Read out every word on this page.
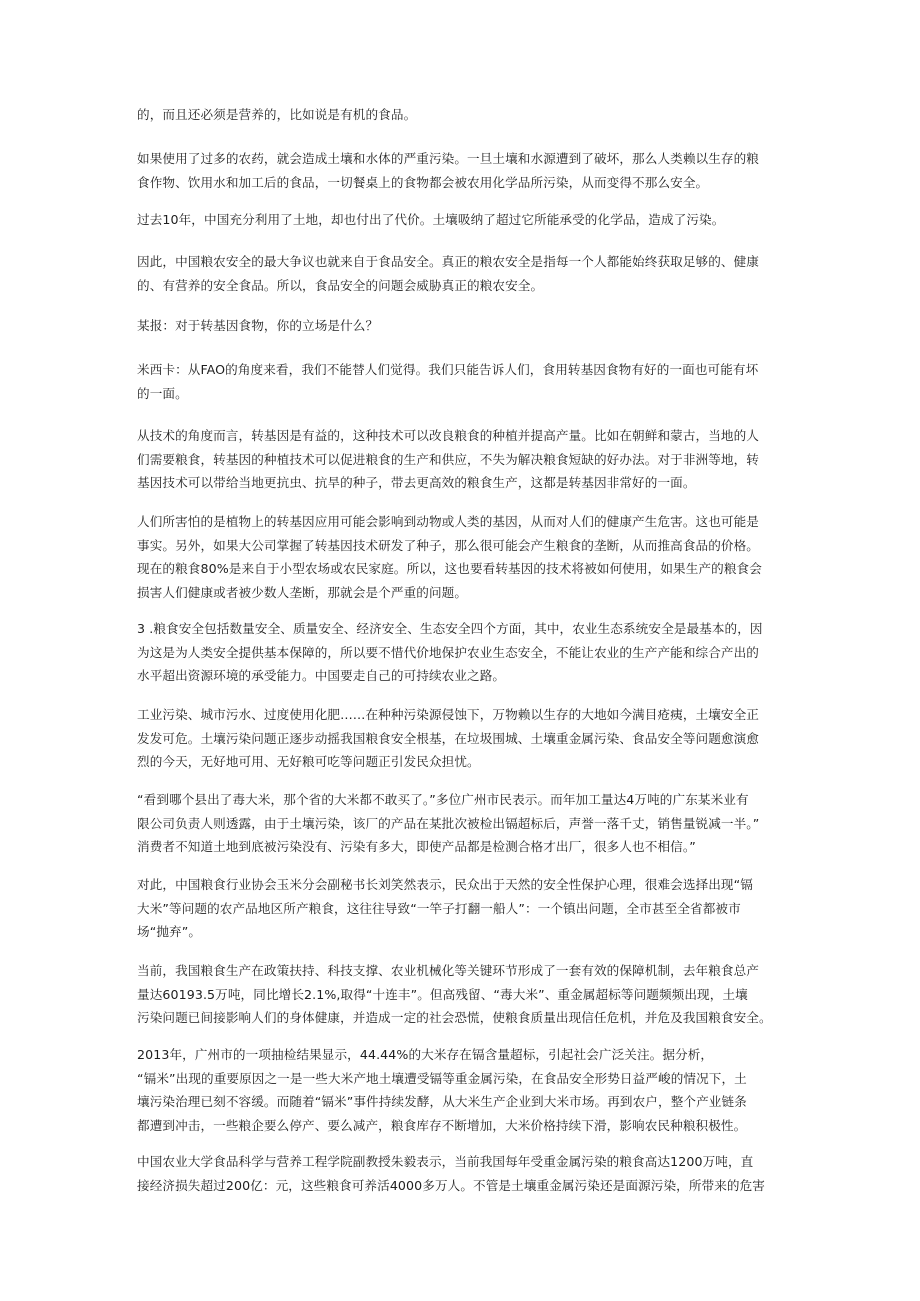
的，而且还必须是营养的，比如说是有机的食品。

如果使用了过多的农药，就会造成土壤和水体的严重污染。一旦土壤和水源遭到了破坏，那么人类赖以生存的粮
食作物、饮用水和加工后的食品，一切餐桌上的食物都会被农用化学品所污染，从而变得不那么安全。

过去10年，中国充分利用了土地，却也付出了代价。土壤吸纳了超过它所能承受的化学品，造成了污染。

因此，中国粮农安全的最大争议也就来自于食品安全。真正的粮农安全是指每一个人都能始终获取足够的、健康
的、有营养的安全食品。所以，食品安全的问题会威胁真正的粮农安全。

某报：对于转基因食物，你的立场是什么？

米西卡：从FAO的角度来看，我们不能替人们觉得。我们只能告诉人们，食用转基因食物有好的一面也可能有坏
的一面。

从技术的角度而言，转基因是有益的，这种技术可以改良粮食的种植并提高产量。比如在朝鲜和蒙古，当地的人
们需要粮食，转基因的种植技术可以促进粮食的生产和供应，不失为解决粮食短缺的好办法。对于非洲等地，转
基因技术可以带给当地更抗虫、抗旱的种子，带去更高效的粮食生产，这都是转基因非常好的一面。

人们所害怕的是植物上的转基因应用可能会影响到动物或人类的基因，从而对人们的健康产生危害。这也可能是
事实。另外，如果大公司掌握了转基因技术研发了种子，那么很可能会产生粮食的垄断，从而推高食品的价格。
现在的粮食80%是来自于小型农场或农民家庭。所以，这也要看转基因的技术将被如何使用，如果生产的粮食会
损害人们健康或者被少数人垄断，那就会是个严重的问题。

3 .粮食安全包括数量安全、质量安全、经济安全、生态安全四个方面，其中，农业生态系统安全是最基本的，因
为这是为人类安全提供基本保障的，所以要不惜代价地保护农业生态安全，不能让农业的生产产能和综合产出的
水平超出资源环境的承受能力。中国要走自己的可持续农业之路。

工业污染、城市污水、过度使用化肥……在种种污染源侵蚀下，万物赖以生存的大地如今满目疮痍，土壤安全正
发发可危。土壤污染问题正逐步动摇我国粮食安全根基，在垃圾围城、土壤重金属污染、食品安全等问题愈演愈
烈的今天，无好地可用、无好粮可吃等问题正引发民众担忧。

“看到哪个县出了毒大米，那个省的大米都不敢买了。”多位广州市民表示。而年加工量达4万吨的广东某米业有
限公司负责人则透露，由于土壤污染，该厂的产品在某批次被检出镉超标后，声誉一落千丈，销售量锐减一半。”
消费者不知道土地到底被污染没有、污染有多大，即使产品都是检测合格才出厂，很多人也不相信。”

对此，中国粮食行业协会玉米分会副秘书长刘笑然表示，民众出于天然的安全性保护心理，很难会选择出现“镉
大米”等问题的农产品地区所产粮食，这往往导致“一竿子打翻一船人”：一个镇出问题，全市甚至全省都被市
场“抛弃”。

当前，我国粮食生产在政策扶持、科技支撑、农业机械化等关键环节形成了一套有效的保障机制，去年粮食总产
量达60193.5万吨，同比增长2.1%,取得“十连丰”。但高残留、“毒大米”、重金属超标等问题频频出现，土壤
污染问题已间接影响人们的身体健康，并造成一定的社会恐慌，使粮食质量出现信任危机，并危及我国粮食安全。

2013年，广州市的一项抽检结果显示，44.44%的大米存在镉含量超标，引起社会广泛关注。据分析，
“镉米”出现的重要原因之一是一些大米产地土壤遭受镉等重金属污染，在食品安全形势日益严峻的情况下，土
壤污染治理已刻不容缓。而随着“镉米”事件持续发酵，从大米生产企业到大米市场。再到农户，整个产业链条
都遭到冲击，一些粮企要么停产、要么减产，粮食库存不断增加，大米价格持续下滑，影响农民种粮积极性。

中国农业大学食品科学与营养工程学院副教授朱毅表示，当前我国每年受重金属污染的粮食高达1200万吨，直
接经济损失超过200亿：元，这些粮食可养活4000多万人。不管是土壤重金属污染还是面源污染，所带来的危害
